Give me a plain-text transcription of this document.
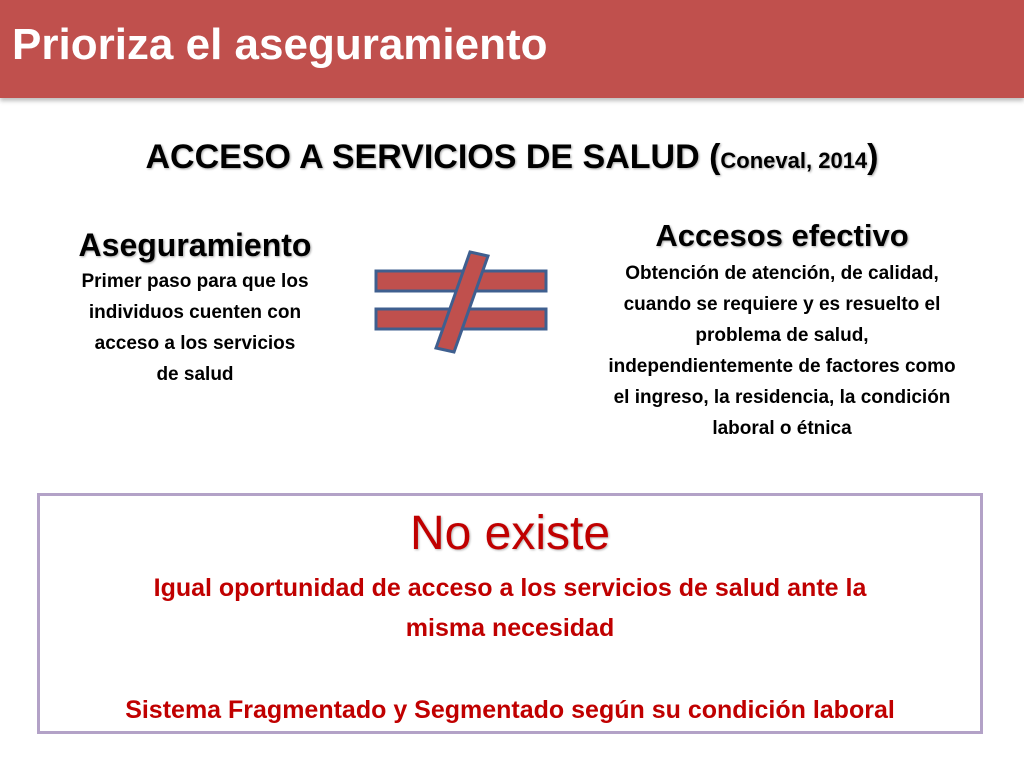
Prioriza el aseguramiento
ACCESO A SERVICIOS DE SALUD (Coneval, 2014)
Aseguramiento
Primer paso para que los
individuos cuenten con
acceso a los servicios
de salud
Accesos efectivo
Obtención de atención, de calidad,
cuando se requiere y es resuelto el
problema de salud,
independientemente de factores como
el ingreso, la residencia, la condición
laboral o étnica
No existe
Igual oportunidad de acceso a los servicios de salud ante la
misma necesidad
Sistema Fragmentado y Segmentado según su condición laboral
